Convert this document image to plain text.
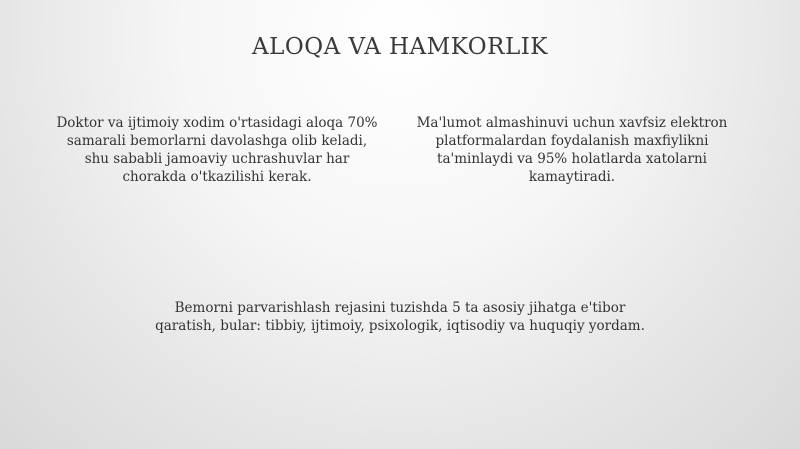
ALOQA VA HAMKORLIK

Doktor va ijtimoiy xodim o'rtasidagi aloqa 70% samarali bemorlarni davolashga olib keladi, shu sababli jamoaviy uchrashuvlar har chorakda o'tkazilishi kerak.

Ma'lumot almashinuvi uchun xavfsiz elektron platformalardan foydalanish maxfiylikni ta'minlaydi va 95% holatlarda xatolarni kamaytiradi.

Bemorni parvarishlash rejasini tuzishda 5 ta asosiy jihatga e'tibor qaratish, bular: tibbiy, ijtimoiy, psixologik, iqtisodiy va huquqiy yordam.
